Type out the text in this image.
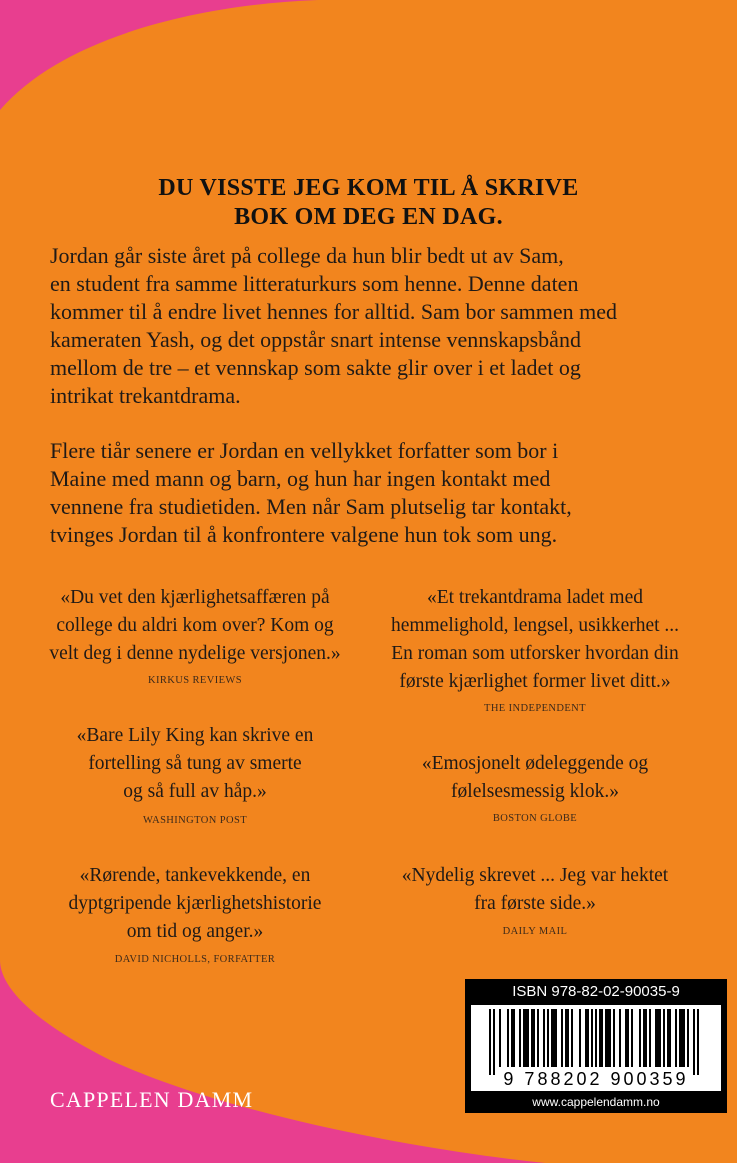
DU VISSTE JEG KOM TIL Å SKRIVE
BOK OM DEG EN DAG.
Jordan går siste året på college da hun blir bedt ut av Sam,
en student fra samme litteraturkurs som henne. Denne daten
kommer til å endre livet hennes for alltid. Sam bor sammen med
kameraten Yash, og det oppstår snart intense vennskapsbånd
mellom de tre – et vennskap som sakte glir over i et ladet og
intrikat trekantdrama.
Flere tiår senere er Jordan en vellykket forfatter som bor i
Maine med mann og barn, og hun har ingen kontakt med
vennene fra studietiden. Men når Sam plutselig tar kontakt,
tvinges Jordan til å konfrontere valgene hun tok som ung.
«Du vet den kjærlighetsaffæren på
college du aldri kom over? Kom og
velt deg i denne nydelige versjonen.»
KIRKUS REVIEWS
«Bare Lily King kan skrive en
fortelling så tung av smerte
og så full av håp.»
WASHINGTON POST
«Rørende, tankevekkende, en
dyptgripende kjærlighetshistorie
om tid og anger.»
DAVID NICHOLLS, FORFATTER
«Et trekantdrama ladet med
hemmelighold, lengsel, usikkerhet ...
En roman som utforsker hvordan din
første kjærlighet former livet ditt.»
THE INDEPENDENT
«Emosjonelt ødeleggende og
følelsesmessig klok.»
BOSTON GLOBE
«Nydelig skrevet ... Jeg var hektet
fra første side.»
DAILY MAIL
ISBN 978-82-02-90035-9
9 788202 900359
www.cappelendamm.no
CAPPELEN DAMM
